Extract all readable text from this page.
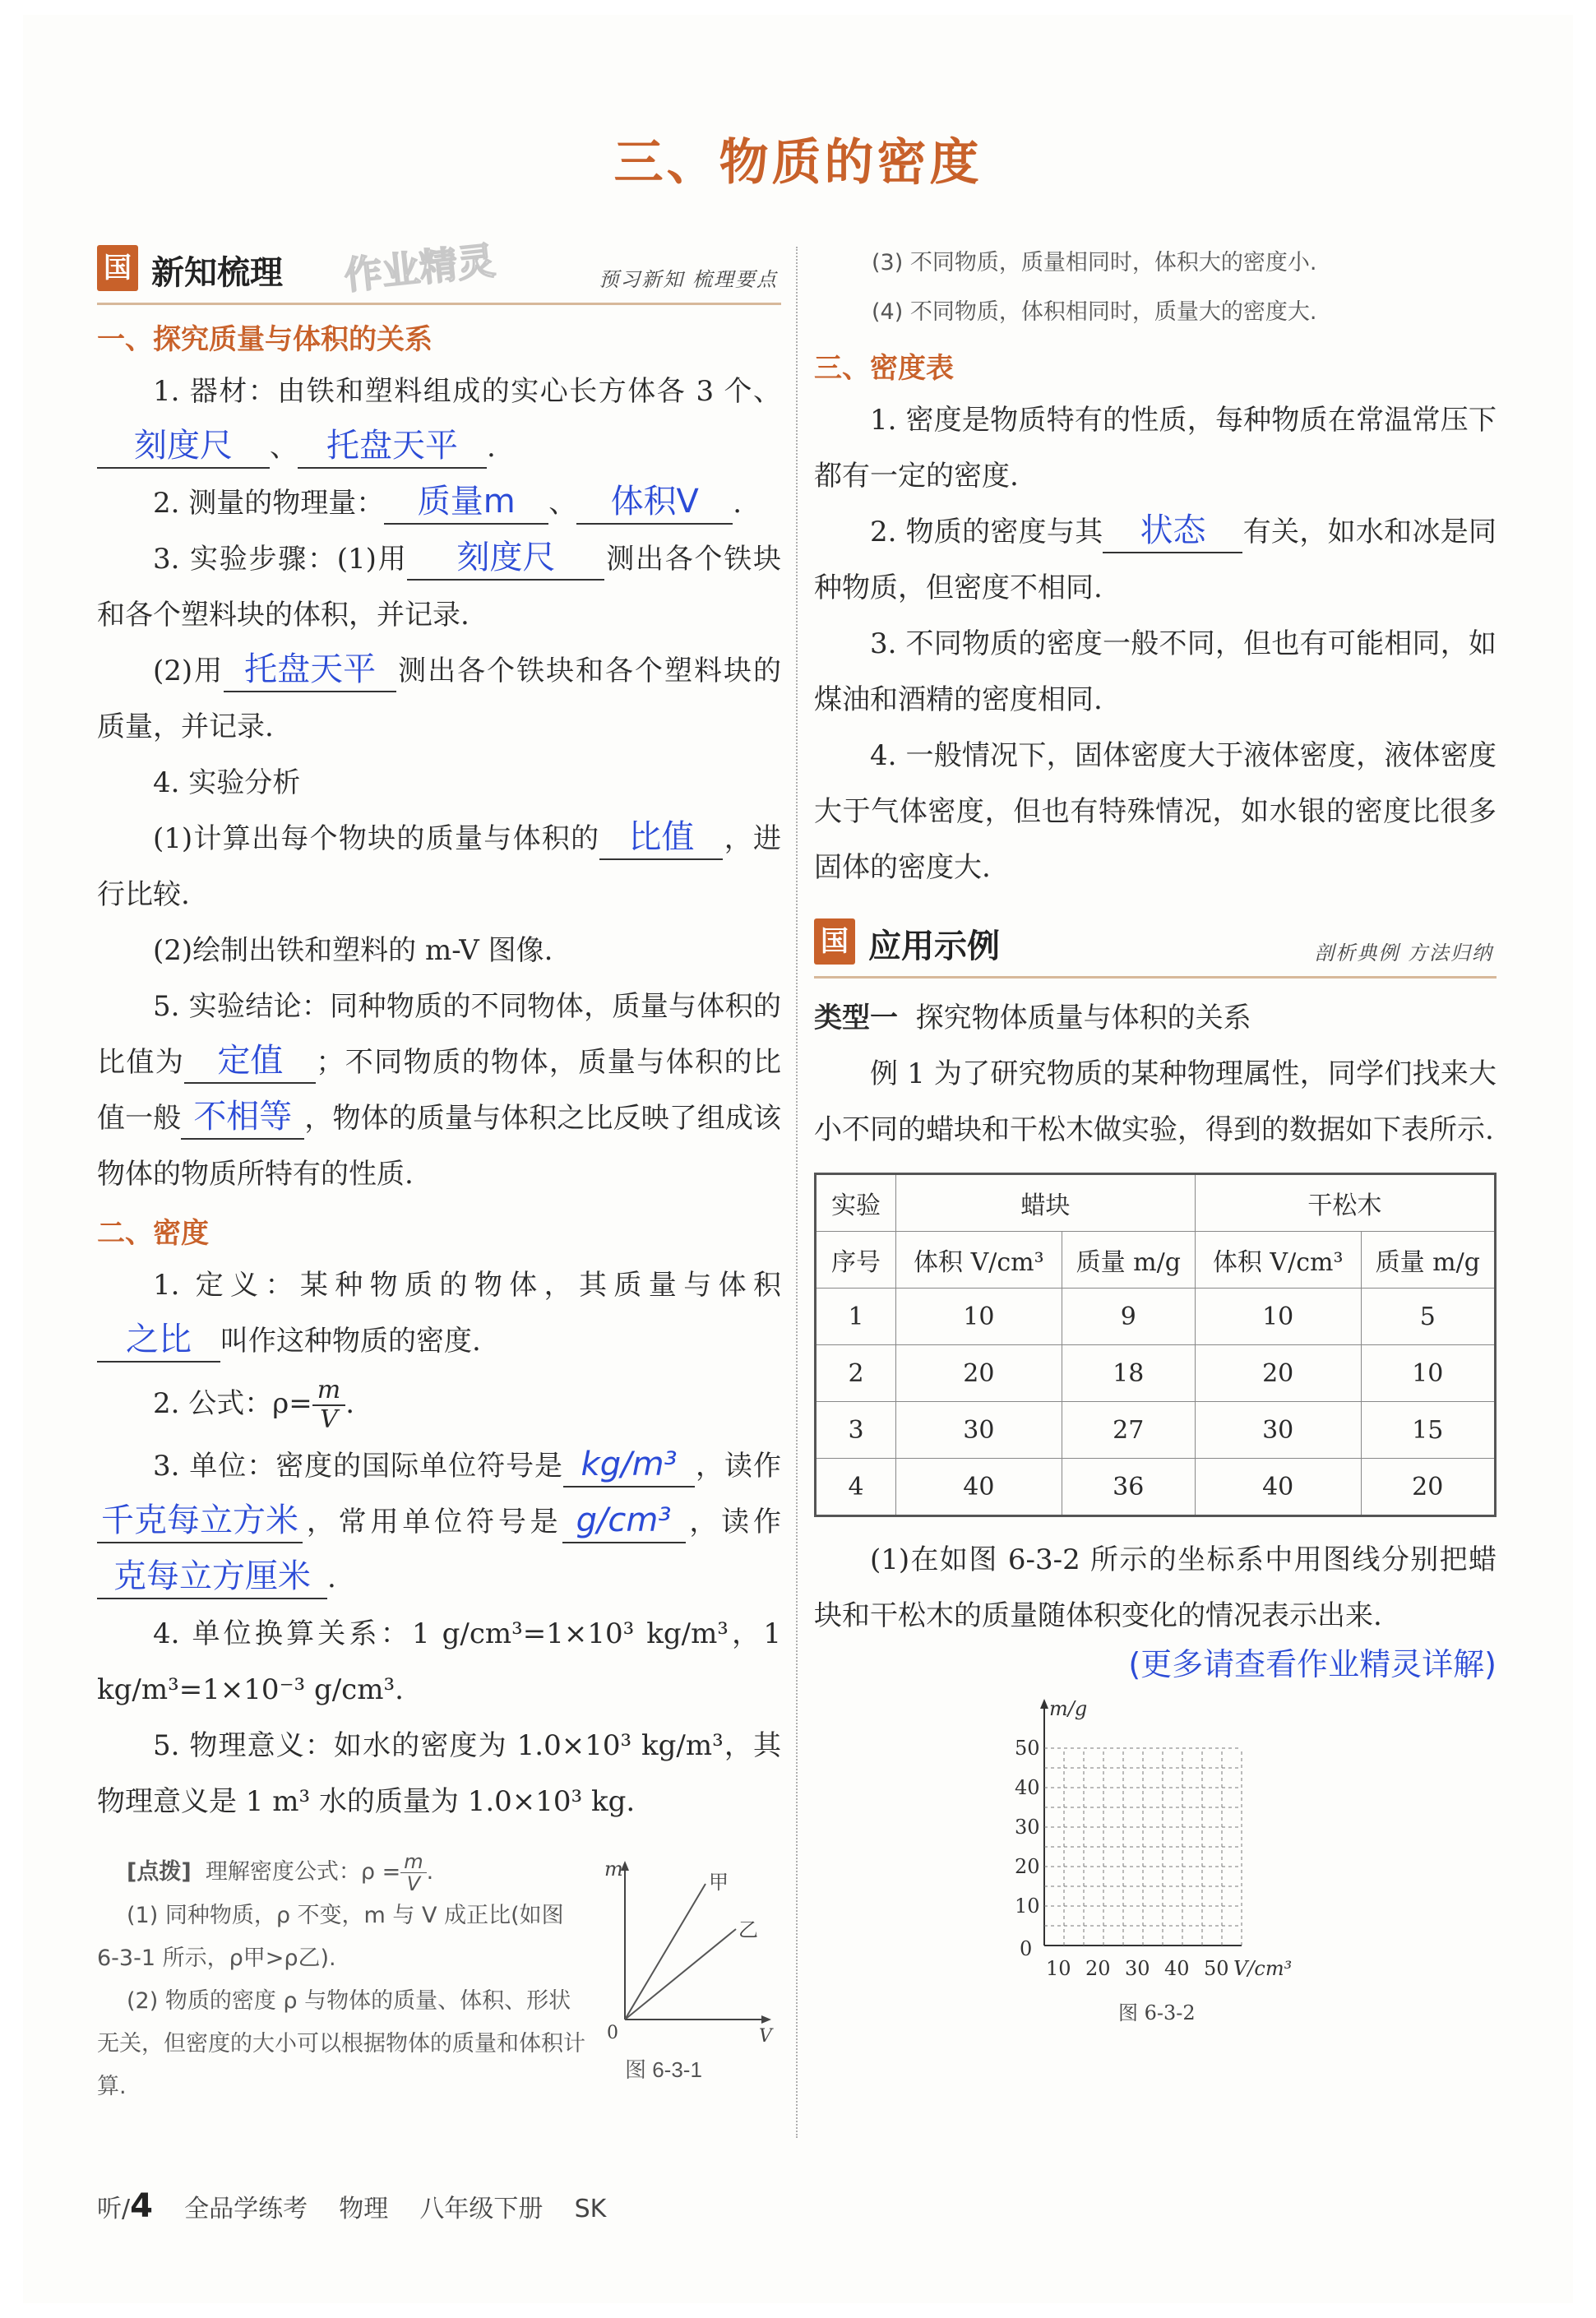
三、物质的密度
国 新知梳理 作业精灵	预习新知 梳理要点
一、探究质量与体积的关系

1. 器材：由铁和塑料组成的实心长方体各 3 个、刻度尺 、 托盘天平 .

2. 测量的物理量： 质量m 、 体积V .

3. 实验步骤：(1)用 刻度尺 测出各个铁块和各个塑料块的体积，并记录.

(2)用 托盘天平 测出各个铁块和各个塑料块的质量，并记录.

4. 实验分析

(1)计算出每个物块的质量与体积的 比值 ，进行比较.

(2)绘制出铁和塑料的 m-V 图像.

5. 实验结论：同种物质的不同物体，质量与体积的比值为 定值 ；不同物质的物体，质量与体积的比值一般 不相等 ，物体的质量与体积之比反映了组成该物体的物质所特有的性质.

二、密度

1. 定义：某种物质的物体，其质量与体积之比 叫作这种物质的密度.

2. 公式：$\rho= \frac{m}{V}$ .

3. 单位：密度的国际单位符号是 kg/m³ ，读作千克每立方米 ，常用单位符号是 g/cm³ ，读作克每立方厘米 .

4. 单位换算关系：1 g/cm³=1×10³ kg/m³，1 kg/m³=1×10⁻³ g/cm³.

5. 物理意义：如水的密度为 1.0×10³ kg/m³，其物理意义是 1 m³ 水的质量为 1.0×10³ kg.

[点拨] 理解密度公式：$\rho = \frac{m}{V}$ .

(1) 同种物质，ρ 不变，m 与 V 成正比(如图 6-3-1 所示，ρ甲>ρ乙).

(2) 物质的密度 ρ 与物体的质量、体积、形状无关，但密度的大小可以根据物体的质量和体积计算.

m
0	V
甲
乙
图 6-3-1

(3) 不同物质，质量相同时，体积大的密度小.

(4) 不同物质，体积相同时，质量大的密度大.

三、密度表

1. 密度是物质特有的性质，每种物质在常温常压下都有一定的密度.

2. 物质的密度与其 状态 有关，如水和冰是同种物质，但密度不相同.

3. 不同物质的密度一般不同，但也有可能相同，如煤油和酒精的密度相同.

4. 一般情况下，固体密度大于液体密度，液体密度大于气体密度，但也有特殊情况，如水银的密度比很多固体的密度大.

国 应用示例	剖析典例 方法归纳

类型一 探究物体质量与体积的关系

例 1 为了研究物质的某种物理属性，同学们找来大小不同的蜡块和干松木做实验，得到的数据如下表所示.

实验	蜡块		干松木	
序号	体积 V/cm³	质量 m/g	体积 V/cm³	质量 m/g
1	10	9	10	5
2	20	18	20	10
3	30	27	30	15
4	40	36	40	20

(1)在如图 6-3-2 所示的坐标系中用图线分别把蜡块和干松木的质量随体积变化的情况表示出来.

(更多请查看作业精灵详解)
m/g
0
10 20 30 40 50 V/cm³
10
20
30
40
50
图 6-3-2
听/4 全品学练考 物理 八年级下册 SK
